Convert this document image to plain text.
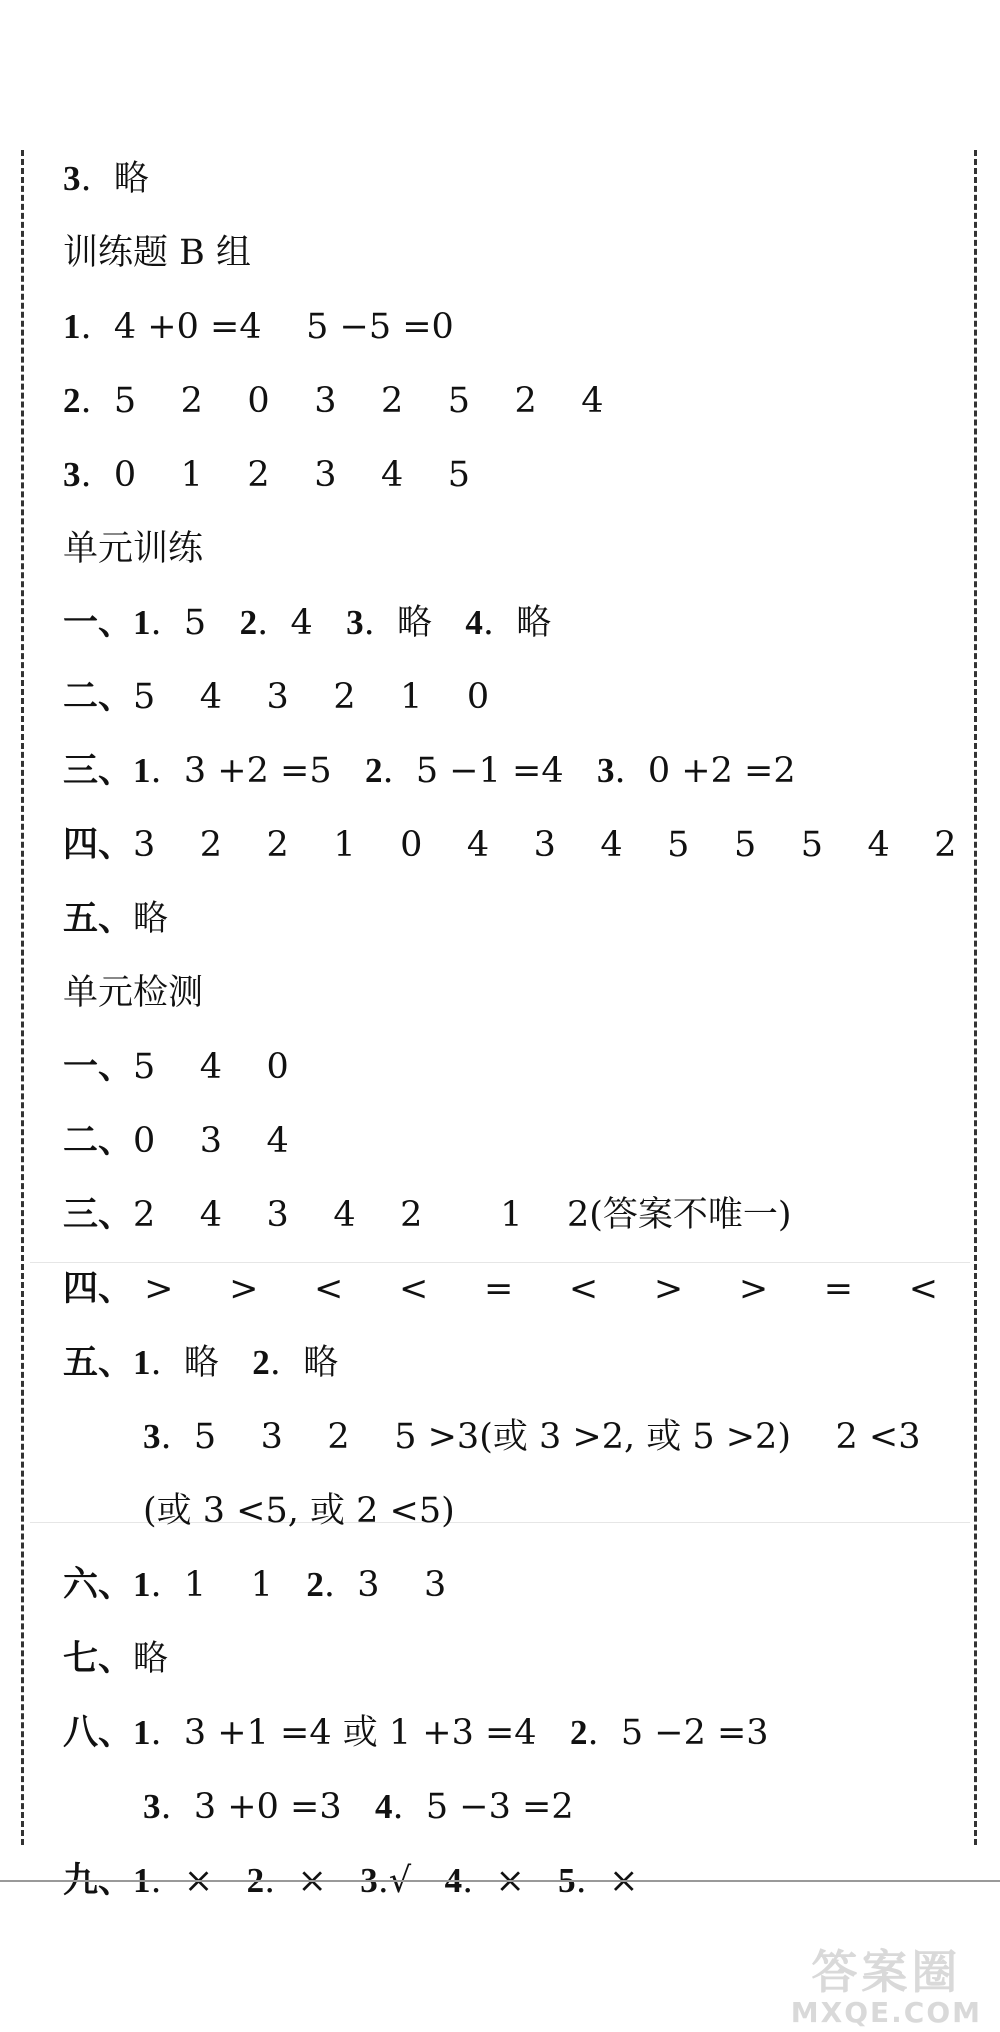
3.  略
训练题 B 组
1.  4 +0 =4    5 −5 =0
2.  5    2    0    3    2    5    2    4
3.  0    1    2    3    4    5
单元训练
一、1.  5   2.  4   3.  略   4.  略
二、5    4    3    2    1    0
三、1.  3 +2 =5   2.  5 −1 =4   3.  0 +2 =2
四、3    2    2    1    0    4    3    4    5    5    5    4    2
五、略
单元检测
一、5    4    0
二、0    3    4
三、2    4    3    4    2       1    2(答案不唯一)
四、 >     >     <     <     =     <     >     >     =     <
五、1.  略   2.  略
3.  5    3    2    5 >3(或 3 >2, 或 5 >2)    2 <3
(或 3 <5, 或 2 <5)
六、1.  1    1   2.  3    3
七、略
八、1.  3 +1 =4 或 1 +3 =4   2.  5 −2 =3
3.  3 +0 =3   4.  5 −3 =2
九、1.  ×   2.  ×   3.√   4.  ×   5.  ×
答案圈
MXQE.COM
